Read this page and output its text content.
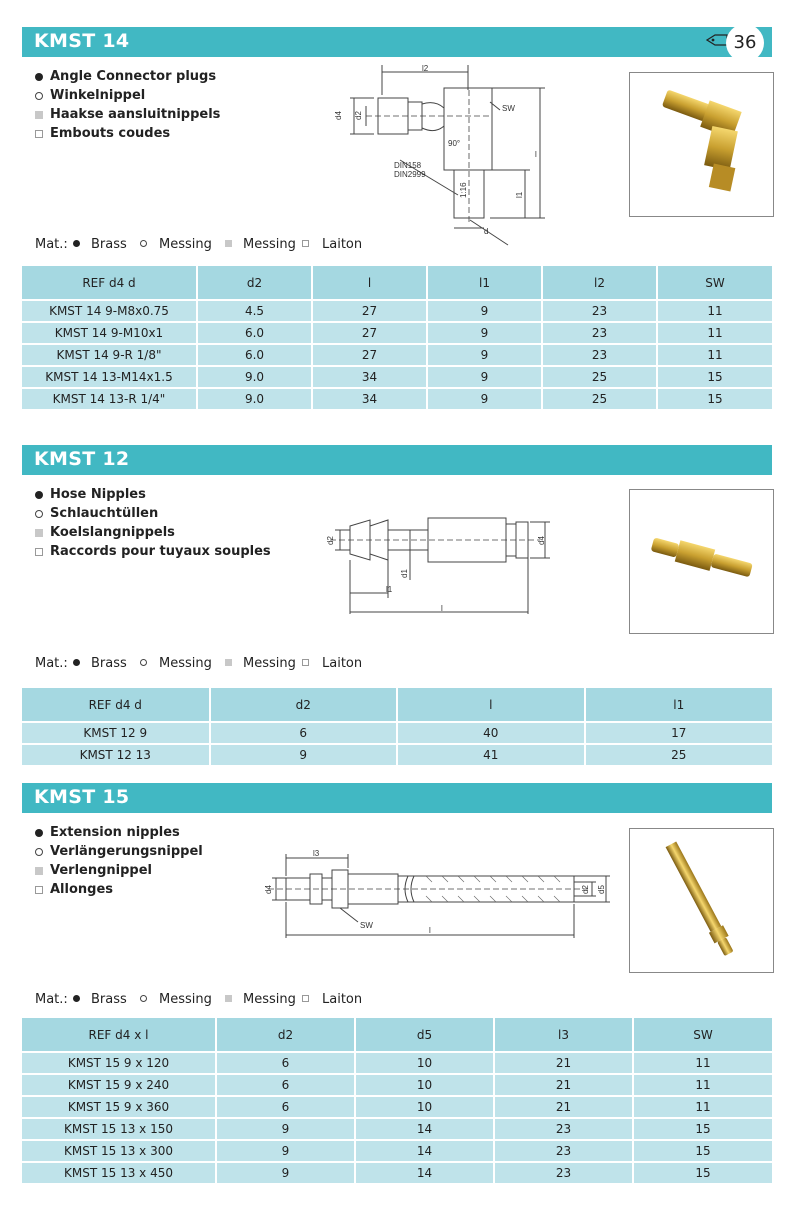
KMST 14	36
Angle Connector plugs
Winkelnippel
Haakse aansluitnippels
Embouts coudes
l2
SW
d4 d2
90°
l
DIN158
DIN2999
1:16	l1
d
Mat.: Brass Messing Messing Laiton
REF d4 d	d2	l	l1	l2	SW
KMST 14 9-M8x0.75	4.5	27	9	23	11
KMST 14 9-M10x1	6.0	27	9	23	11
KMST 14 9-R 1/8"	6.0	27	9	23	11
KMST 14 13-M14x1.5	9.0	34	9	25	15
KMST 14 13-R 1/4"	9.0	34	9	25	15
KMST 12
Hose Nipples
Schlauchtüllen
Koelslangnippels
Raccords pour tuyaux souples
d2
d1
d4
l1
l
Mat.: Brass Messing Messing Laiton
REF d4 d	d2	l	l1
KMST 12 9	6	40	17
KMST 12 13	9	41	25
KMST 15
Extension nipples
Verlängerungsnippel
Verlengnippel
Allonges
l3
d4	d2 d5
SW
l
Mat.: Brass Messing Messing Laiton
REF d4 x l	d2	d5	l3	SW
KMST 15 9 x 120	6	10	21	11
KMST 15 9 x 240	6	10	21	11
KMST 15 9 x 360	6	10	21	11
KMST 15 13 x 150	9	14	23	15
KMST 15 13 x 300	9	14	23	15
KMST 15 13 x 450	9	14	23	15
